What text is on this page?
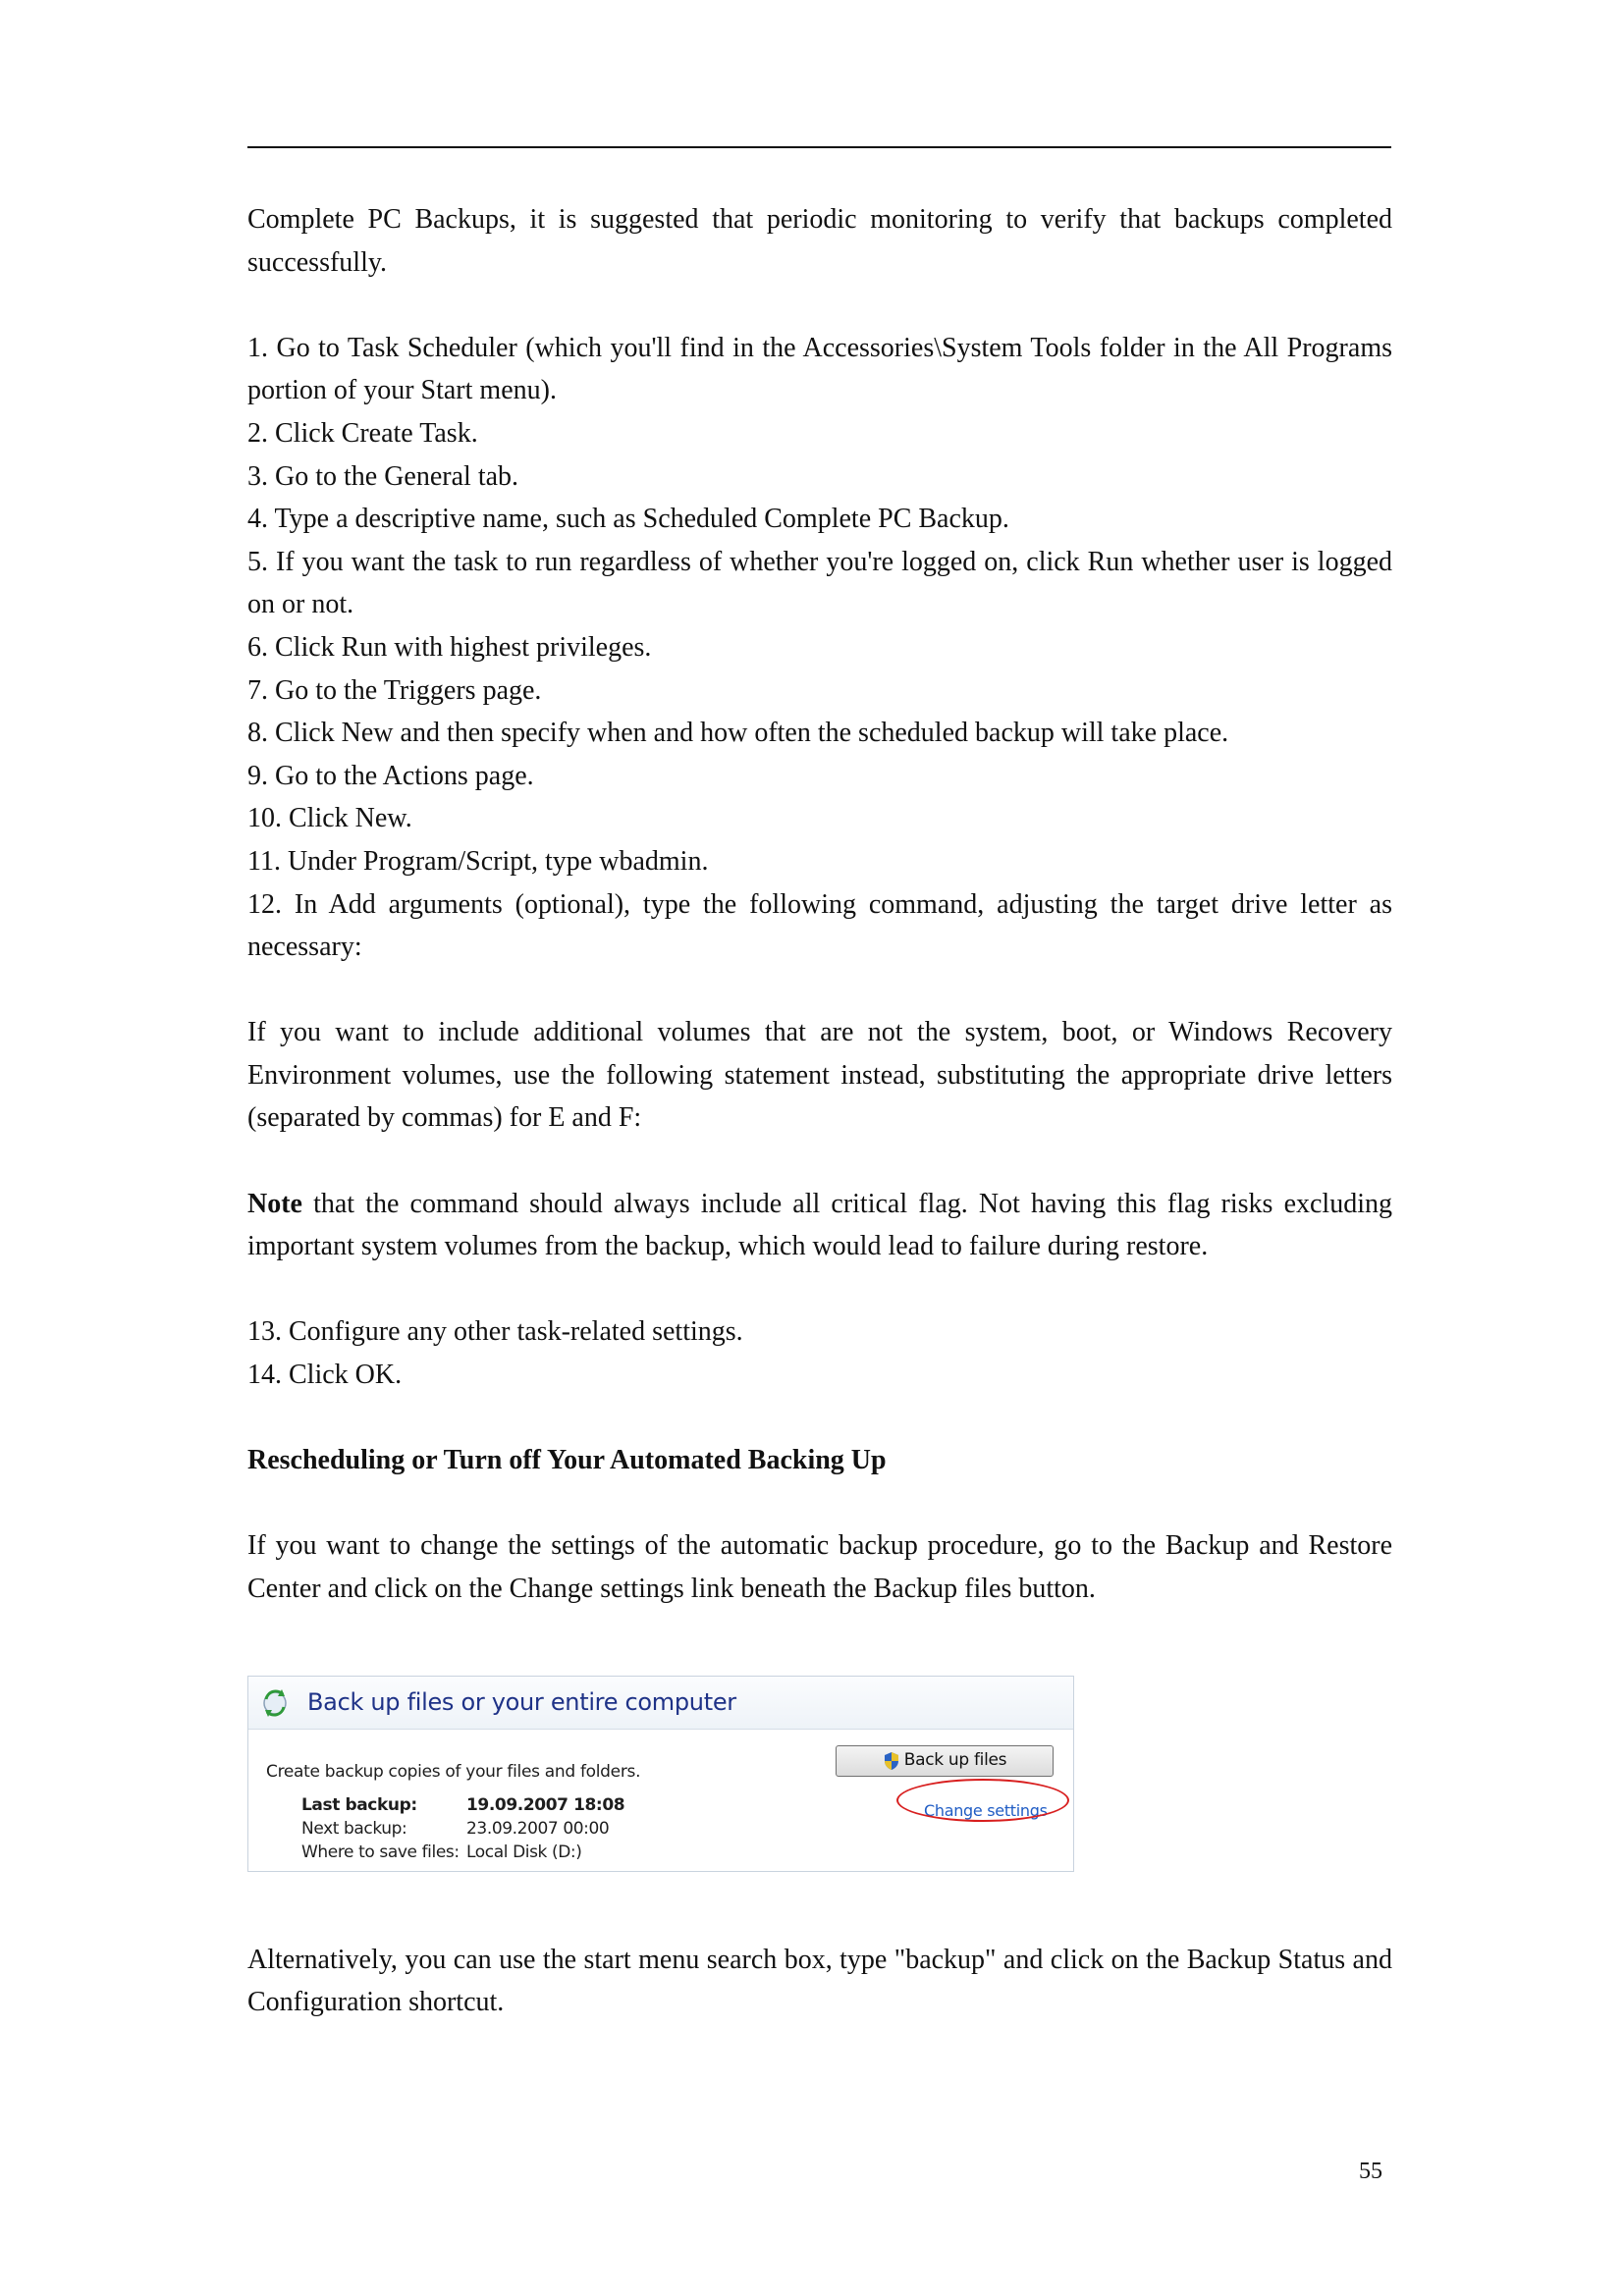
Complete PC Backups, it is suggested that periodic monitoring to verify that backups completed successfully.

1. Go to Task Scheduler (which you'll find in the Accessories\System Tools folder in the All Programs portion of your Start menu).

2. Click Create Task.

3. Go to the General tab.

4. Type a descriptive name, such as Scheduled Complete PC Backup.

5. If you want the task to run regardless of whether you're logged on, click Run whether user is logged on or not.

6. Click Run with highest privileges.

7. Go to the Triggers page.

8. Click New and then specify when and how often the scheduled backup will take place.

9. Go to the Actions page.

10. Click New.

11. Under Program/Script, type wbadmin.

12. In Add arguments (optional), type the following command, adjusting the target drive letter as necessary:

If you want to include additional volumes that are not the system, boot, or Windows Recovery Environment volumes, use the following statement instead, substituting the appropriate drive letters (separated by commas) for E and F:

Note that the command should always include all critical flag. Not having this flag risks excluding important system volumes from the backup, which would lead to failure during restore.

13. Configure any other task-related settings.

14. Click OK.

Rescheduling or Turn off Your Automated Backing Up

If you want to change the settings of the automatic backup procedure, go to the Backup and Restore Center and click on the Change settings link beneath the Backup files button.

Back up files or your entire computer
Create backup copies of your files and folders.
Last backup:	19.09.2007 18:08
Next backup:	23.09.2007 00:00
Where to save files: Local Disk (D:)
Back up files
Change settings

Alternatively, you can use the start menu search box, type "backup" and click on the Backup Status and Configuration shortcut.

55
